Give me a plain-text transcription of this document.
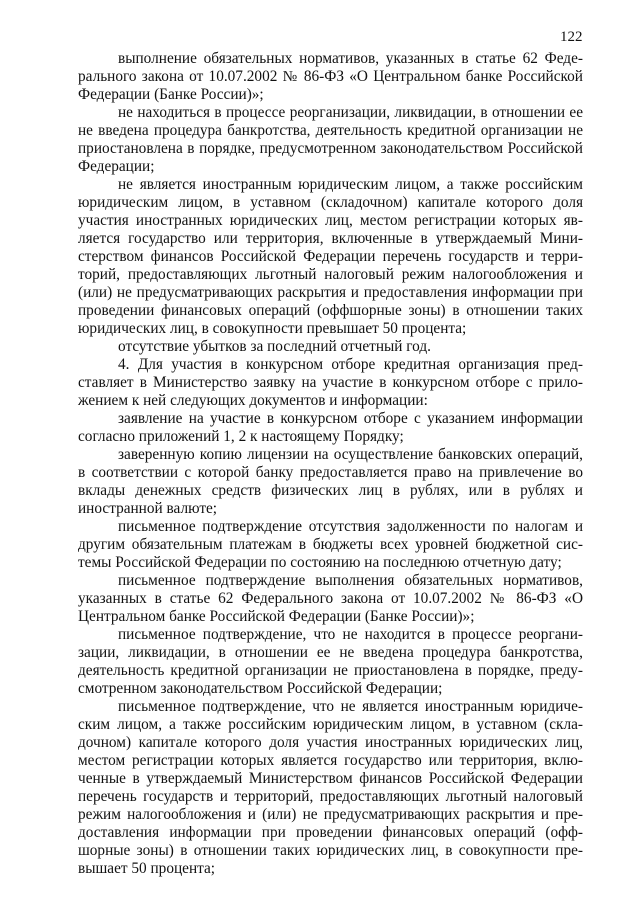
122

выполнение обязательных нормативов, указанных в статье 62 Федерального закона от 10.07.2002 № 86-ФЗ «О Центральном банке Российской Федерации (Банке России)»;

не находиться в процессе реорганизации, ликвидации, в отношении ее не введена процедура банкротства, деятельность кредитной организации не приостановлена в порядке, предусмотренном законодательством Российской Федерации;

не является иностранным юридическим лицом, а также российским юридическим лицом, в уставном (складочном) капитале которого доля участия иностранных юридических лиц, местом регистрации которых является государство или территория, включенные в утверждаемый Министерством финансов Российской Федерации перечень государств и территорий, предоставляющих льготный налоговый режим налогообложения и (или) не предусматривающих раскрытия и предоставления информации при проведении финансовых операций (оффшорные зоны) в отношении таких юридических лиц, в совокупности превышает 50 процента;

отсутствие убытков за последний отчетный год.

4. Для участия в конкурсном отборе кредитная организация представляет в Министерство заявку на участие в конкурсном отборе с приложением к ней следующих документов и информации:

заявление на участие в конкурсном отборе с указанием информации согласно приложений 1, 2 к настоящему Порядку;

заверенную копию лицензии на осуществление банковских операций, в соответствии с которой банку предоставляется право на привлечение во вклады денежных средств физических лиц в рублях, или в рублях и иностранной валюте;

письменное подтверждение отсутствия задолженности по налогам и другим обязательным платежам в бюджеты всех уровней бюджетной системы Российской Федерации по состоянию на последнюю отчетную дату;

письменное подтверждение выполнения обязательных нормативов, указанных в статье 62 Федерального закона от 10.07.2002 № 86-ФЗ «О Центральном банке Российской Федерации (Банке России)»;

письменное подтверждение, что не находится в процессе реорганизации, ликвидации, в отношении ее не введена процедура банкротства, деятельность кредитной организации не приостановлена в порядке, предусмотренном законодательством Российской Федерации;

письменное подтверждение, что не является иностранным юридическим лицом, а также российским юридическим лицом, в уставном (складочном) капитале которого доля участия иностранных юридических лиц, местом регистрации которых является государство или территория, включенные в утверждаемый Министерством финансов Российской Федерации перечень государств и территорий, предоставляющих льготный налоговый режим налогообложения и (или) не предусматривающих раскрытия и предоставления информации при проведении финансовых операций (оффшорные зоны) в отношении таких юридических лиц, в совокупности превышает 50 процента;
